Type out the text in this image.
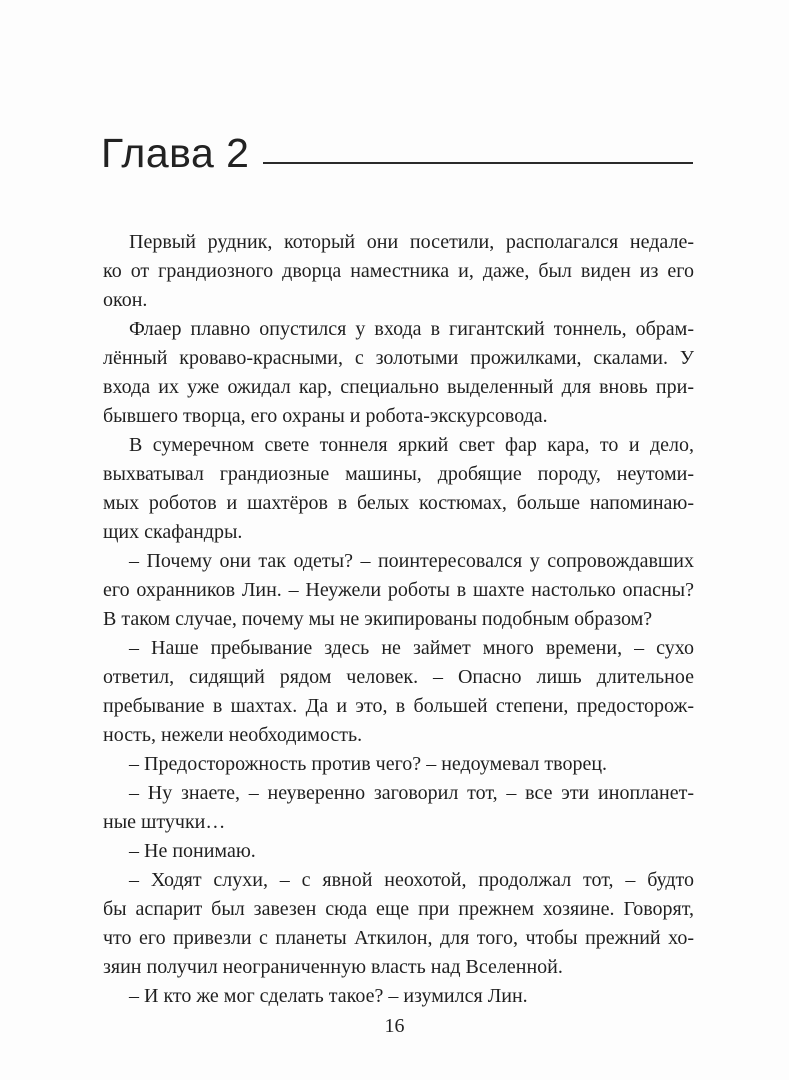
Глава 2
Первый рудник, который они посетили, располагался недале-
ко от грандиозного дворца наместника и, даже, был виден из его
окон.
Флаер плавно опустился у входа в гигантский тоннель, обрам-
лённый кроваво-красными, с золотыми прожилками, скалами. У
входа их уже ожидал кар, специально выделенный для вновь при-
бывшего творца, его охраны и робота-экскурсовода.
В сумеречном свете тоннеля яркий свет фар кара, то и дело,
выхватывал грандиозные машины, дробящие породу, неутоми-
мых роботов и шахтёров в белых костюмах, больше напоминаю-
щих скафандры.
– Почему они так одеты? – поинтересовался у сопровождавших
его охранников Лин. – Неужели роботы в шахте настолько опасны?
В таком случае, почему мы не экипированы подобным образом?
– Наше пребывание здесь не займет много времени, – сухо
ответил, сидящий рядом человек. – Опасно лишь длительное
пребывание в шахтах. Да и это, в большей степени, предосторож-
ность, нежели необходимость.
– Предосторожность против чего? – недоумевал творец.
– Ну знаете, – неуверенно заговорил тот, – все эти инопланет-
ные штучки…
– Не понимаю.
– Ходят слухи, – с явной неохотой, продолжал тот, – будто
бы аспарит был завезен сюда еще при прежнем хозяине. Говорят,
что его привезли с планеты Аткилон, для того, чтобы прежний хо-
зяин получил неограниченную власть над Вселенной.
– И кто же мог сделать такое? – изумился Лин.
16
